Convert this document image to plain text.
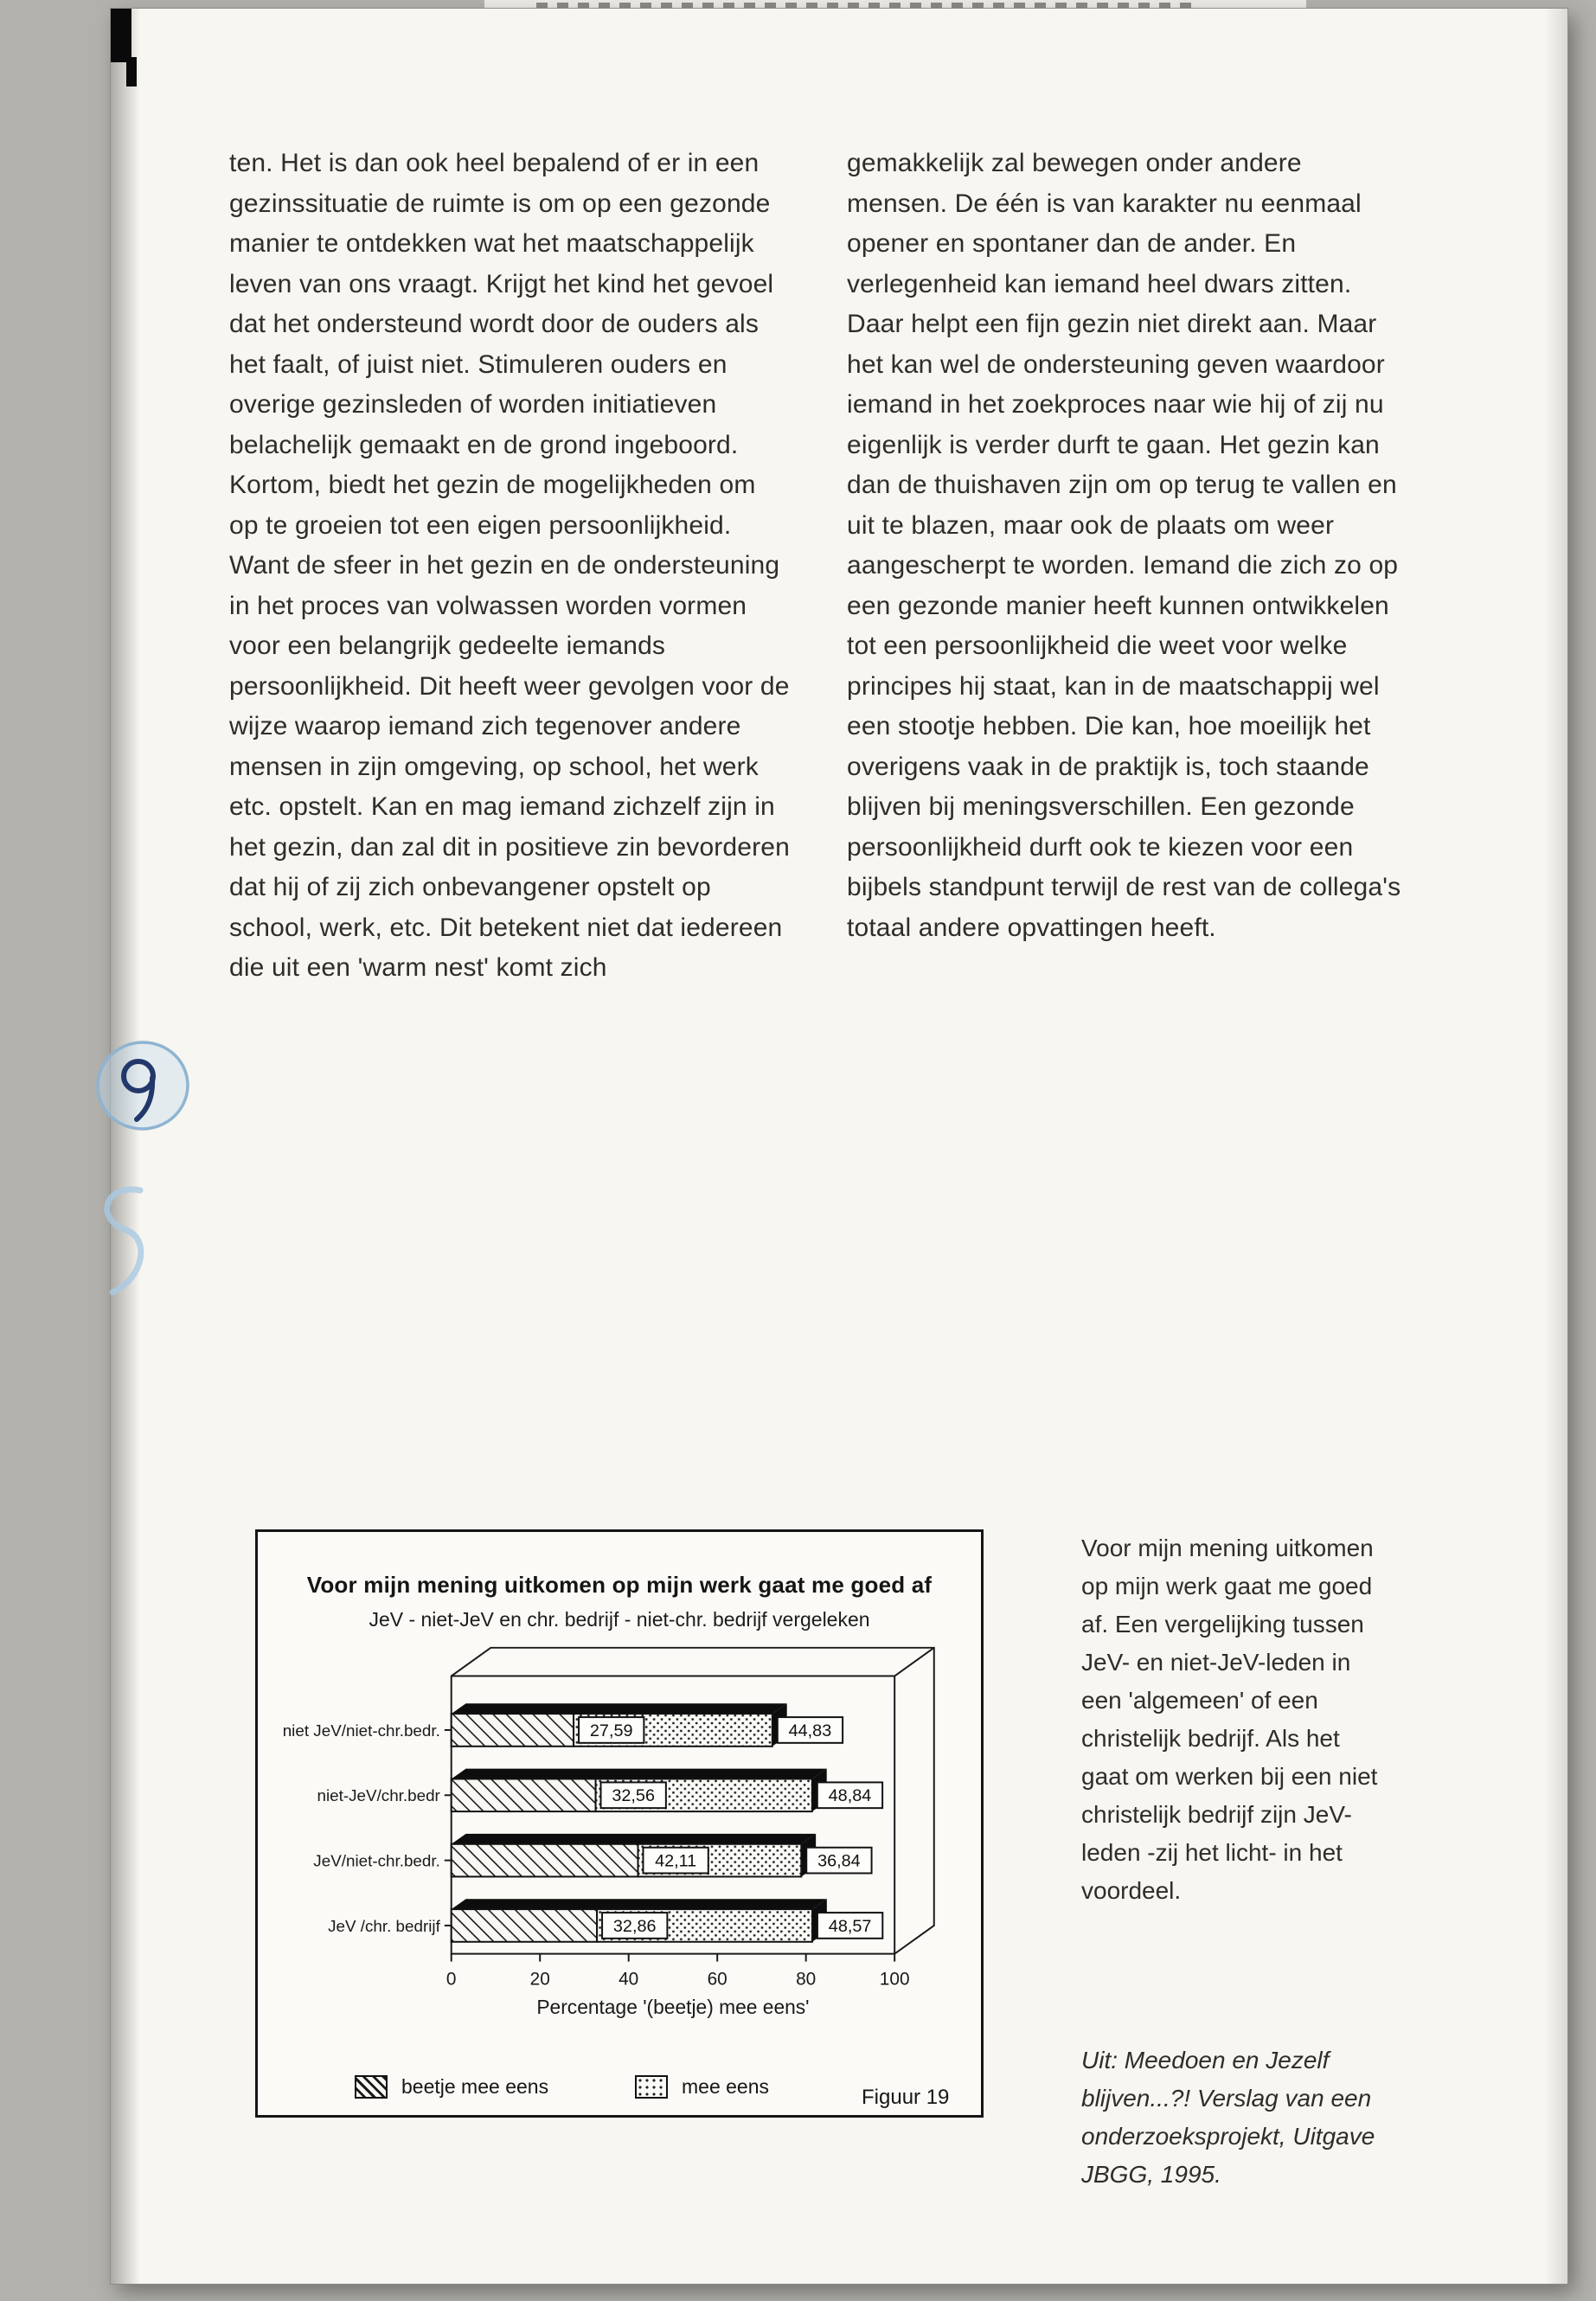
ten. Het is dan ook heel bepalend of er in een gezinssituatie de ruimte is om op een gezonde manier te ontdekken wat het maatschappelijk leven van ons vraagt. Krijgt het kind het gevoel dat het ondersteund wordt door de ouders als het faalt, of juist niet. Stimuleren ouders en overige gezinsleden of worden initiatieven belachelijk gemaakt en de grond ingeboord. Kortom, biedt het gezin de mogelijkheden om op te groeien tot een eigen persoonlijkheid. Want de sfeer in het gezin en de ondersteuning in het proces van volwassen worden vormen voor een belangrijk gedeelte iemands persoonlijkheid. Dit heeft weer gevolgen voor de wijze waarop iemand zich tegenover andere mensen in zijn omgeving, op school, het werk etc. opstelt. Kan en mag iemand zichzelf zijn in het gezin, dan zal dit in positieve zin bevorderen dat hij of zij zich onbevangener opstelt op school, werk, etc. Dit betekent niet dat iedereen die uit een 'warm nest' komt zich
gemakkelijk zal bewegen onder andere mensen. De één is van karakter nu eenmaal opener en spontaner dan de ander. En verlegenheid kan iemand heel dwars zitten. Daar helpt een fijn gezin niet direkt aan. Maar het kan wel de ondersteuning geven waardoor iemand in het zoekproces naar wie hij of zij nu eigenlijk is verder durft te gaan. Het gezin kan dan de thuishaven zijn om op terug te vallen en uit te blazen, maar ook de plaats om weer aangescherpt te worden. Iemand die zich zo op een gezonde manier heeft kunnen ontwikkelen tot een persoonlijkheid die weet voor welke principes hij staat, kan in de maatschappij wel een stootje hebben. Die kan, hoe moeilijk het overigens vaak in de praktijk is, toch staande blijven bij meningsverschillen. Een gezonde persoonlijkheid durft ook te kiezen voor een bijbels standpunt terwijl de rest van de collega's totaal andere opvattingen heeft.
9
0	20	40	60	80	100
Percentage '(beetje) mee eens'
niet JeV/niet-chr.bedr.	27,59	44,83
niet-JeV/chr.bedr	32,56	48,84
JeV/niet-chr.bedr.	42,11	36,84
JeV /chr. bedrijf	32,86	48,57
Voor mijn mening uitkomen op mijn werk gaat me goed af
JeV - niet-JeV en chr. bedrijf - niet-chr. bedrijf vergeleken
beetje mee eens	mee eens	Figuur 19
Voor mijn mening uitkomen op mijn werk gaat me goed af. Een vergelijking tussen JeV- en niet-JeV-leden in een 'algemeen' of een christelijk bedrijf. Als het gaat om werken bij een niet christelijk bedrijf zijn JeV-leden -zij het licht- in het voordeel.
Uit: Meedoen en Jezelf blijven...?! Verslag van een onderzoeksprojekt, Uitgave JBGG, 1995.
